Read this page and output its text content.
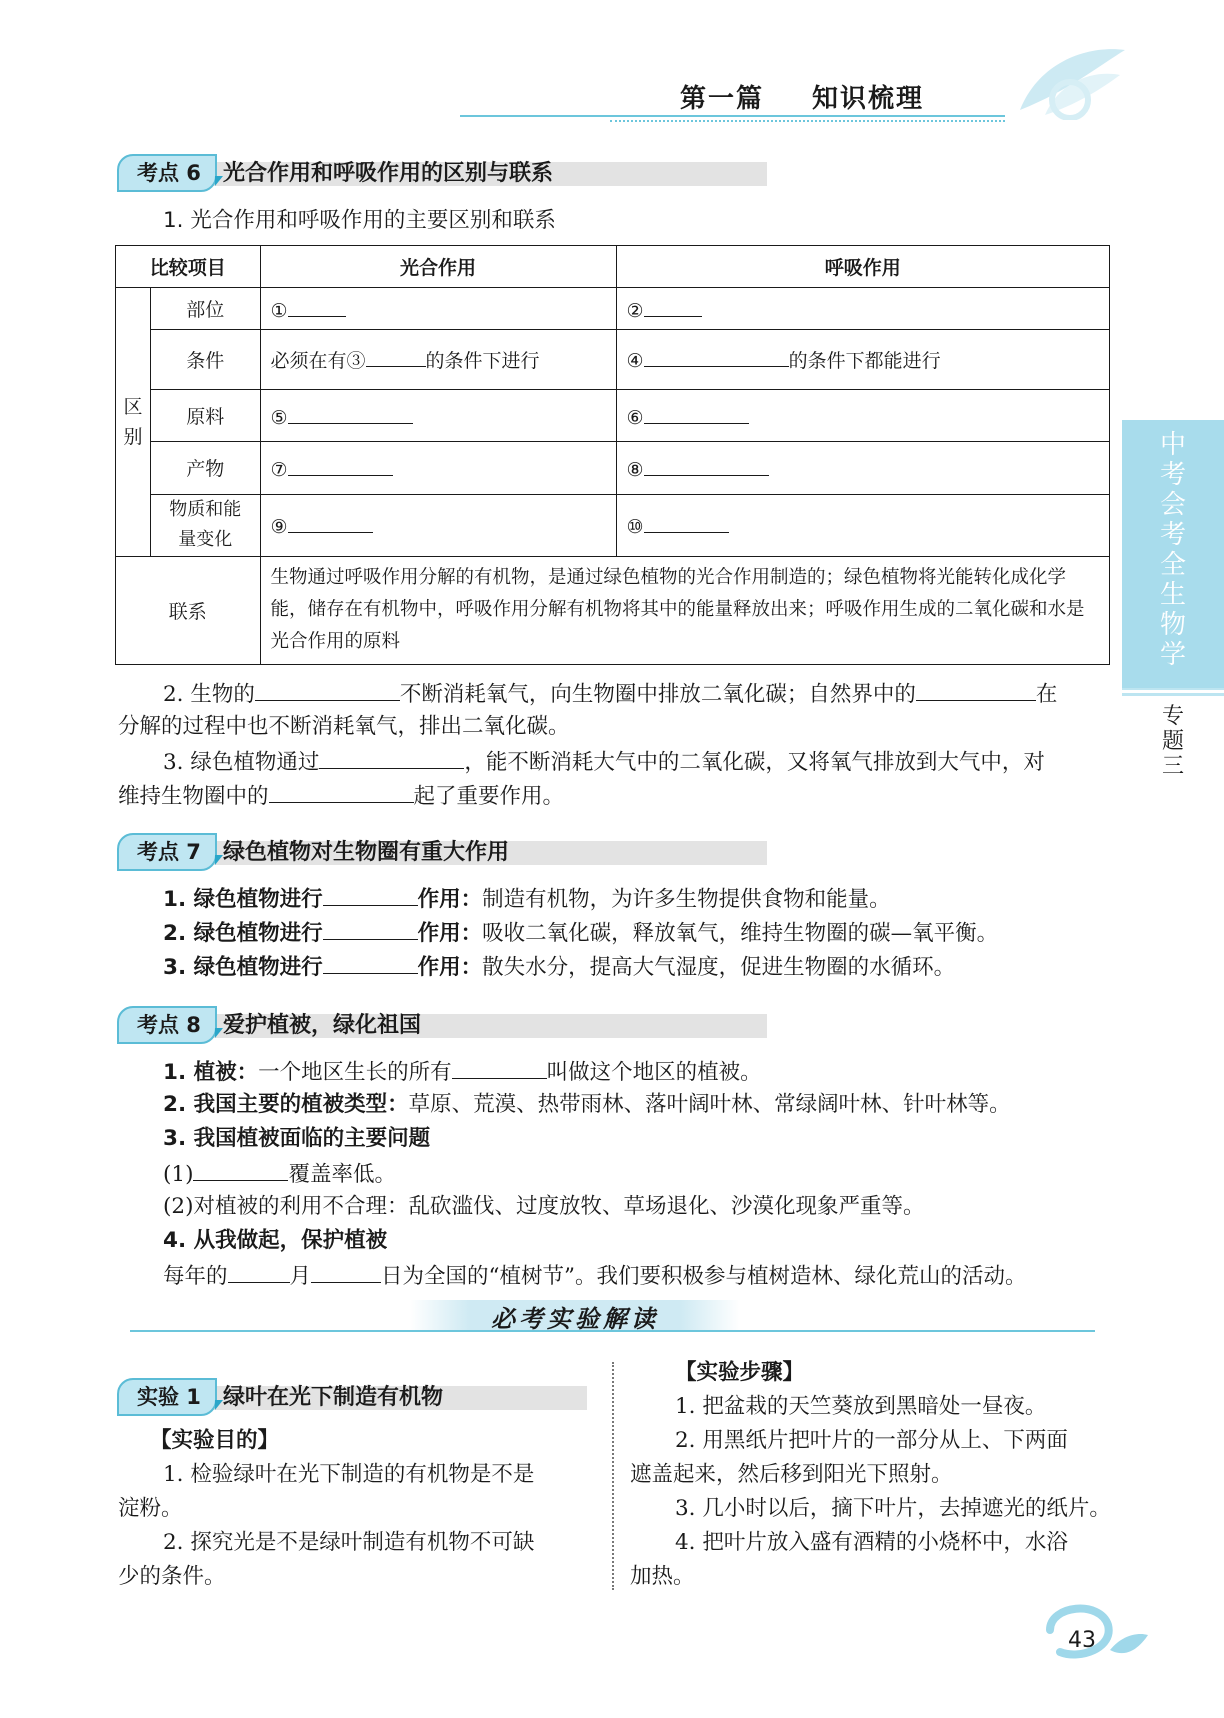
第一篇 知识梳理
中
考
会
考
全
生
物
学
专
题
三
考点 6	光合作用和呼吸作用的区别与联系
1. 光合作用和呼吸作用的主要区别和联系
比较项目		光合作用	呼吸作用
区别	部位	①	②
	条件	必须在有③ 的条件下进行	④ 的条件下都能进行
	原料	⑤	⑥
	产物	⑦	⑧
	物质和能量变化	⑨	⑩
联系		生物通过呼吸作用分解的有机物，是通过绿色植物的光合作用制造的；绿色植物将光能转化成化学能，储存在有机物中，呼吸作用分解有机物将其中的能量释放出来；呼吸作用生成的二氧化碳和水是光合作用的原料	
2. 生物的	不断消耗氧气，向生物圈中排放二氧化碳；自然界中的	在
分解的过程中也不断消耗氧气，排出二氧化碳。
3. 绿色植物通过	，能不断消耗大气中的二氧化碳，又将氧气排放到大气中，对
维持生物圈中的	起了重要作用。
考点 7	绿色植物对生物圈有重大作用
1. 绿色植物进行	作用：制造有机物，为许多生物提供食物和能量。
2. 绿色植物进行	作用：吸收二氧化碳，释放氧气，维持生物圈的碳—氧平衡。
3. 绿色植物进行	作用：散失水分，提高大气湿度，促进生物圈的水循环。
考点 8	爱护植被，绿化祖国
1. 植被：一个地区生长的所有	叫做这个地区的植被。
2. 我国主要的植被类型：草原、荒漠、热带雨林、落叶阔叶林、常绿阔叶林、针叶林等。
3. 我国植被面临的主要问题
(1)	覆盖率低。
(2)对植被的利用不合理：乱砍滥伐、过度放牧、草场退化、沙漠化现象严重等。
4. 从我做起，保护植被
每年的	月	日为全国的“植树节”。我们要积极参与植树造林、绿化荒山的活动。
必考实验解读
实验 1	绿叶在光下制造有机物
【实验目的】
1. 检验绿叶在光下制造的有机物是不是
淀粉。
2. 探究光是不是绿叶制造有机物不可缺
少的条件。
【实验步骤】
1. 把盆栽的天竺葵放到黑暗处一昼夜。
2. 用黑纸片把叶片的一部分从上、下两面
遮盖起来，然后移到阳光下照射。
3. 几小时以后，摘下叶片，去掉遮光的纸片。
4. 把叶片放入盛有酒精的小烧杯中，水浴
加热。
43
